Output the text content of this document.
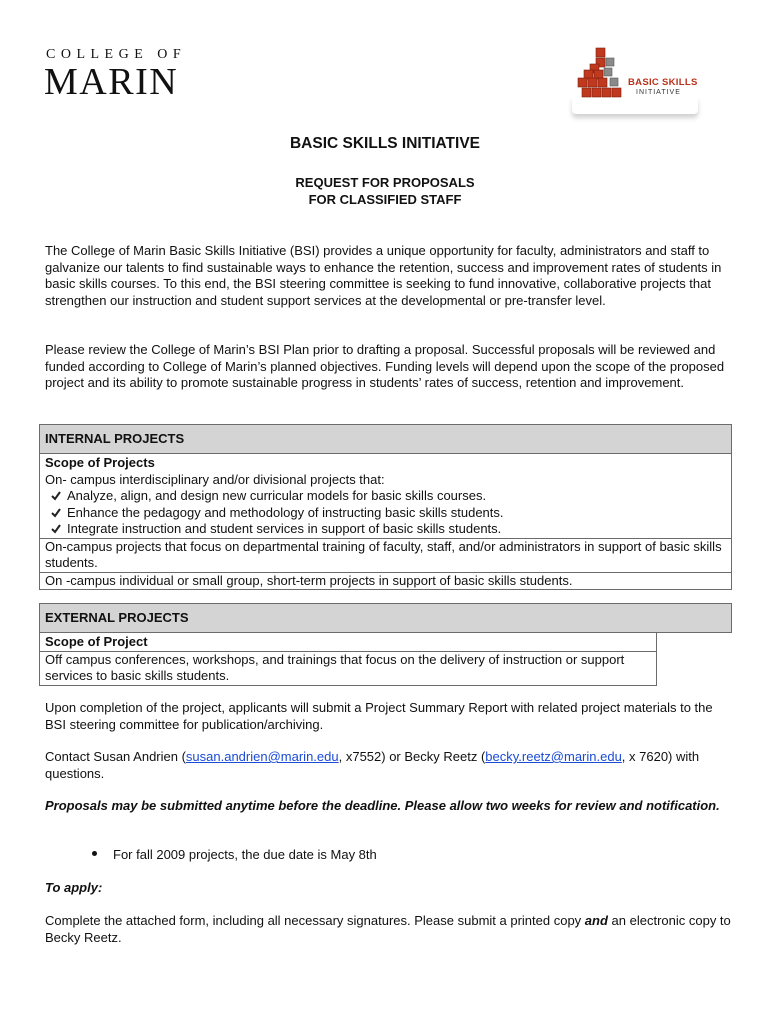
COLLEGE OF
MARIN	BASIC SKILLS
INITIATIVE
BASIC SKILLS INITIATIVE
REQUEST FOR PROPOSALS
FOR CLASSIFIED STAFF

The College of Marin Basic Skills Initiative (BSI) provides a unique opportunity for faculty, administrators and staff to galvanize our talents to find sustainable ways to enhance the retention, success and improvement rates of students in basic skills courses. To this end, the BSI steering committee is seeking to fund innovative, collaborative projects that strengthen our instruction and student support services at the developmental or pre-transfer level.

Please review the College of Marin’s BSI Plan prior to drafting a proposal. Successful proposals will be reviewed and funded according to College of Marin’s planned objectives. Funding levels will depend upon the scope of the proposed project and its ability to promote sustainable progress in students’ rates of success, retention and improvement.

INTERNAL PROJECTS

Scope of Projects
On- campus interdisciplinary and/or divisional projects that:
Analyze, align, and design new curricular models for basic skills courses.
Enhance the pedagogy and methodology of instructing basic skills students.
Integrate instruction and student services in support of basic skills students.

On-campus projects that focus on departmental training of faculty, staff, and/or administrators in support of basic skills students.
On -campus individual or small group, short-term projects in support of basic skills students.
EXTERNAL PROJECTS
Scope of Project
Off campus conferences, workshops, and trainings that focus on the delivery of instruction or support services to basic skills students.

Upon completion of the project, applicants will submit a Project Summary Report with related project materials to the BSI steering committee for publication/archiving.

Contact Susan Andrien (susan.andrien@marin.edu, x7552) or Becky Reetz (becky.reetz@marin.edu, x 7620) with questions.

Proposals may be submitted anytime before the deadline. Please allow two weeks for review and notification.
For fall 2009 projects, the due date is May 8th
To apply:

Complete the attached form, including all necessary signatures. Please submit a printed copy and an electronic copy to Becky Reetz.
